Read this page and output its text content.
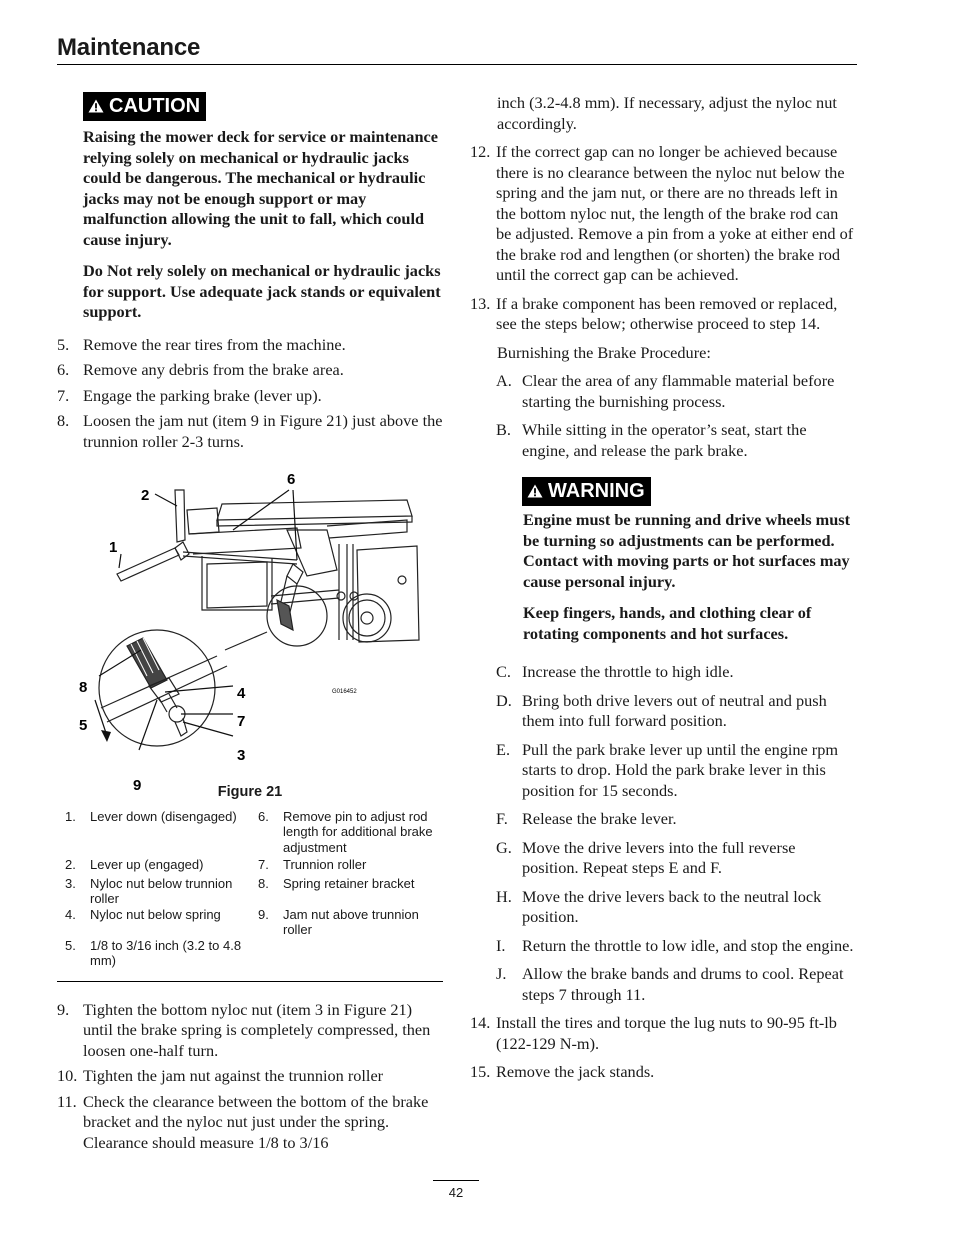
Maintenance
CAUTION

Raising the mower deck for service or maintenance relying solely on mechanical or hydraulic jacks could be dangerous. The mechanical or hydraulic jacks may not be enough support or may malfunction allowing the unit to fall, which could cause injury.

Do Not rely solely on mechanical or hydraulic jacks for support. Use adequate jack stands or equivalent support.

5. Remove the rear tires from the machine.
6. Remove any debris from the brake area.
7. Engage the parking brake (lever up).
8. Loosen the jam nut (item 9 in Figure 21) just above the trunnion roller 2-3 turns.
6
2
1
8
5
4
7
3
9
G016452
Figure 21
1.	Lever down (disengaged)
2.	Lever up (engaged)
3.	Nyloc nut below trunnion roller
4.	Nyloc nut below spring
5.	1/8 to 3/16 inch (3.2 to 4.8 mm)
6.	Remove pin to adjust rod length for additional brake adjustment
7.	Trunnion roller
8.	Spring retainer bracket
9.	Jam nut above trunnion roller
9. Tighten the bottom nyloc nut (item 3 in Figure 21) until the brake spring is completely compressed, then loosen one-half turn.
10. Tighten the jam nut against the trunnion roller
11. Check the clearance between the bottom of the brake bracket and the nyloc nut just under the spring. Clearance should measure 1/8 to 3/16

inch (3.2-4.8 mm). If necessary, adjust the nyloc nut accordingly.

12. If the correct gap can no longer be achieved because there is no clearance between the nyloc nut below the spring and the jam nut, or there are no threads left in the bottom nyloc nut, the length of the brake rod can be adjusted. Remove a pin from a yoke at either end of the brake rod and lengthen (or shorten) the brake rod until the correct gap can be achieved.
13. If a brake component has been removed or replaced, see the steps below; otherwise proceed to step 14.

Burnishing the Brake Procedure:

A. Clear the area of any flammable material before starting the burnishing process.
B. While sitting in the operator’s seat, start the engine, and release the park brake.
WARNING

Engine must be running and drive wheels must be turning so adjustments can be performed. Contact with moving parts or hot surfaces may cause personal injury.

Keep fingers, hands, and clothing clear of rotating components and hot surfaces.

C. Increase the throttle to high idle.
D. Bring both drive levers out of neutral and push them into full forward position.
E. Pull the park brake lever up until the engine rpm starts to drop. Hold the park brake lever in this position for 15 seconds.
F. Release the brake lever.
G. Move the drive levers into the full reverse position. Repeat steps E and F.
H. Move the drive levers back to the neutral lock position.
I. Return the throttle to low idle, and stop the engine.
J. Allow the brake bands and drums to cool. Repeat steps 7 through 11.
14. Install the tires and torque the lug nuts to 90-95 ft-lb (122-129 N-m).
15. Remove the jack stands.
42
